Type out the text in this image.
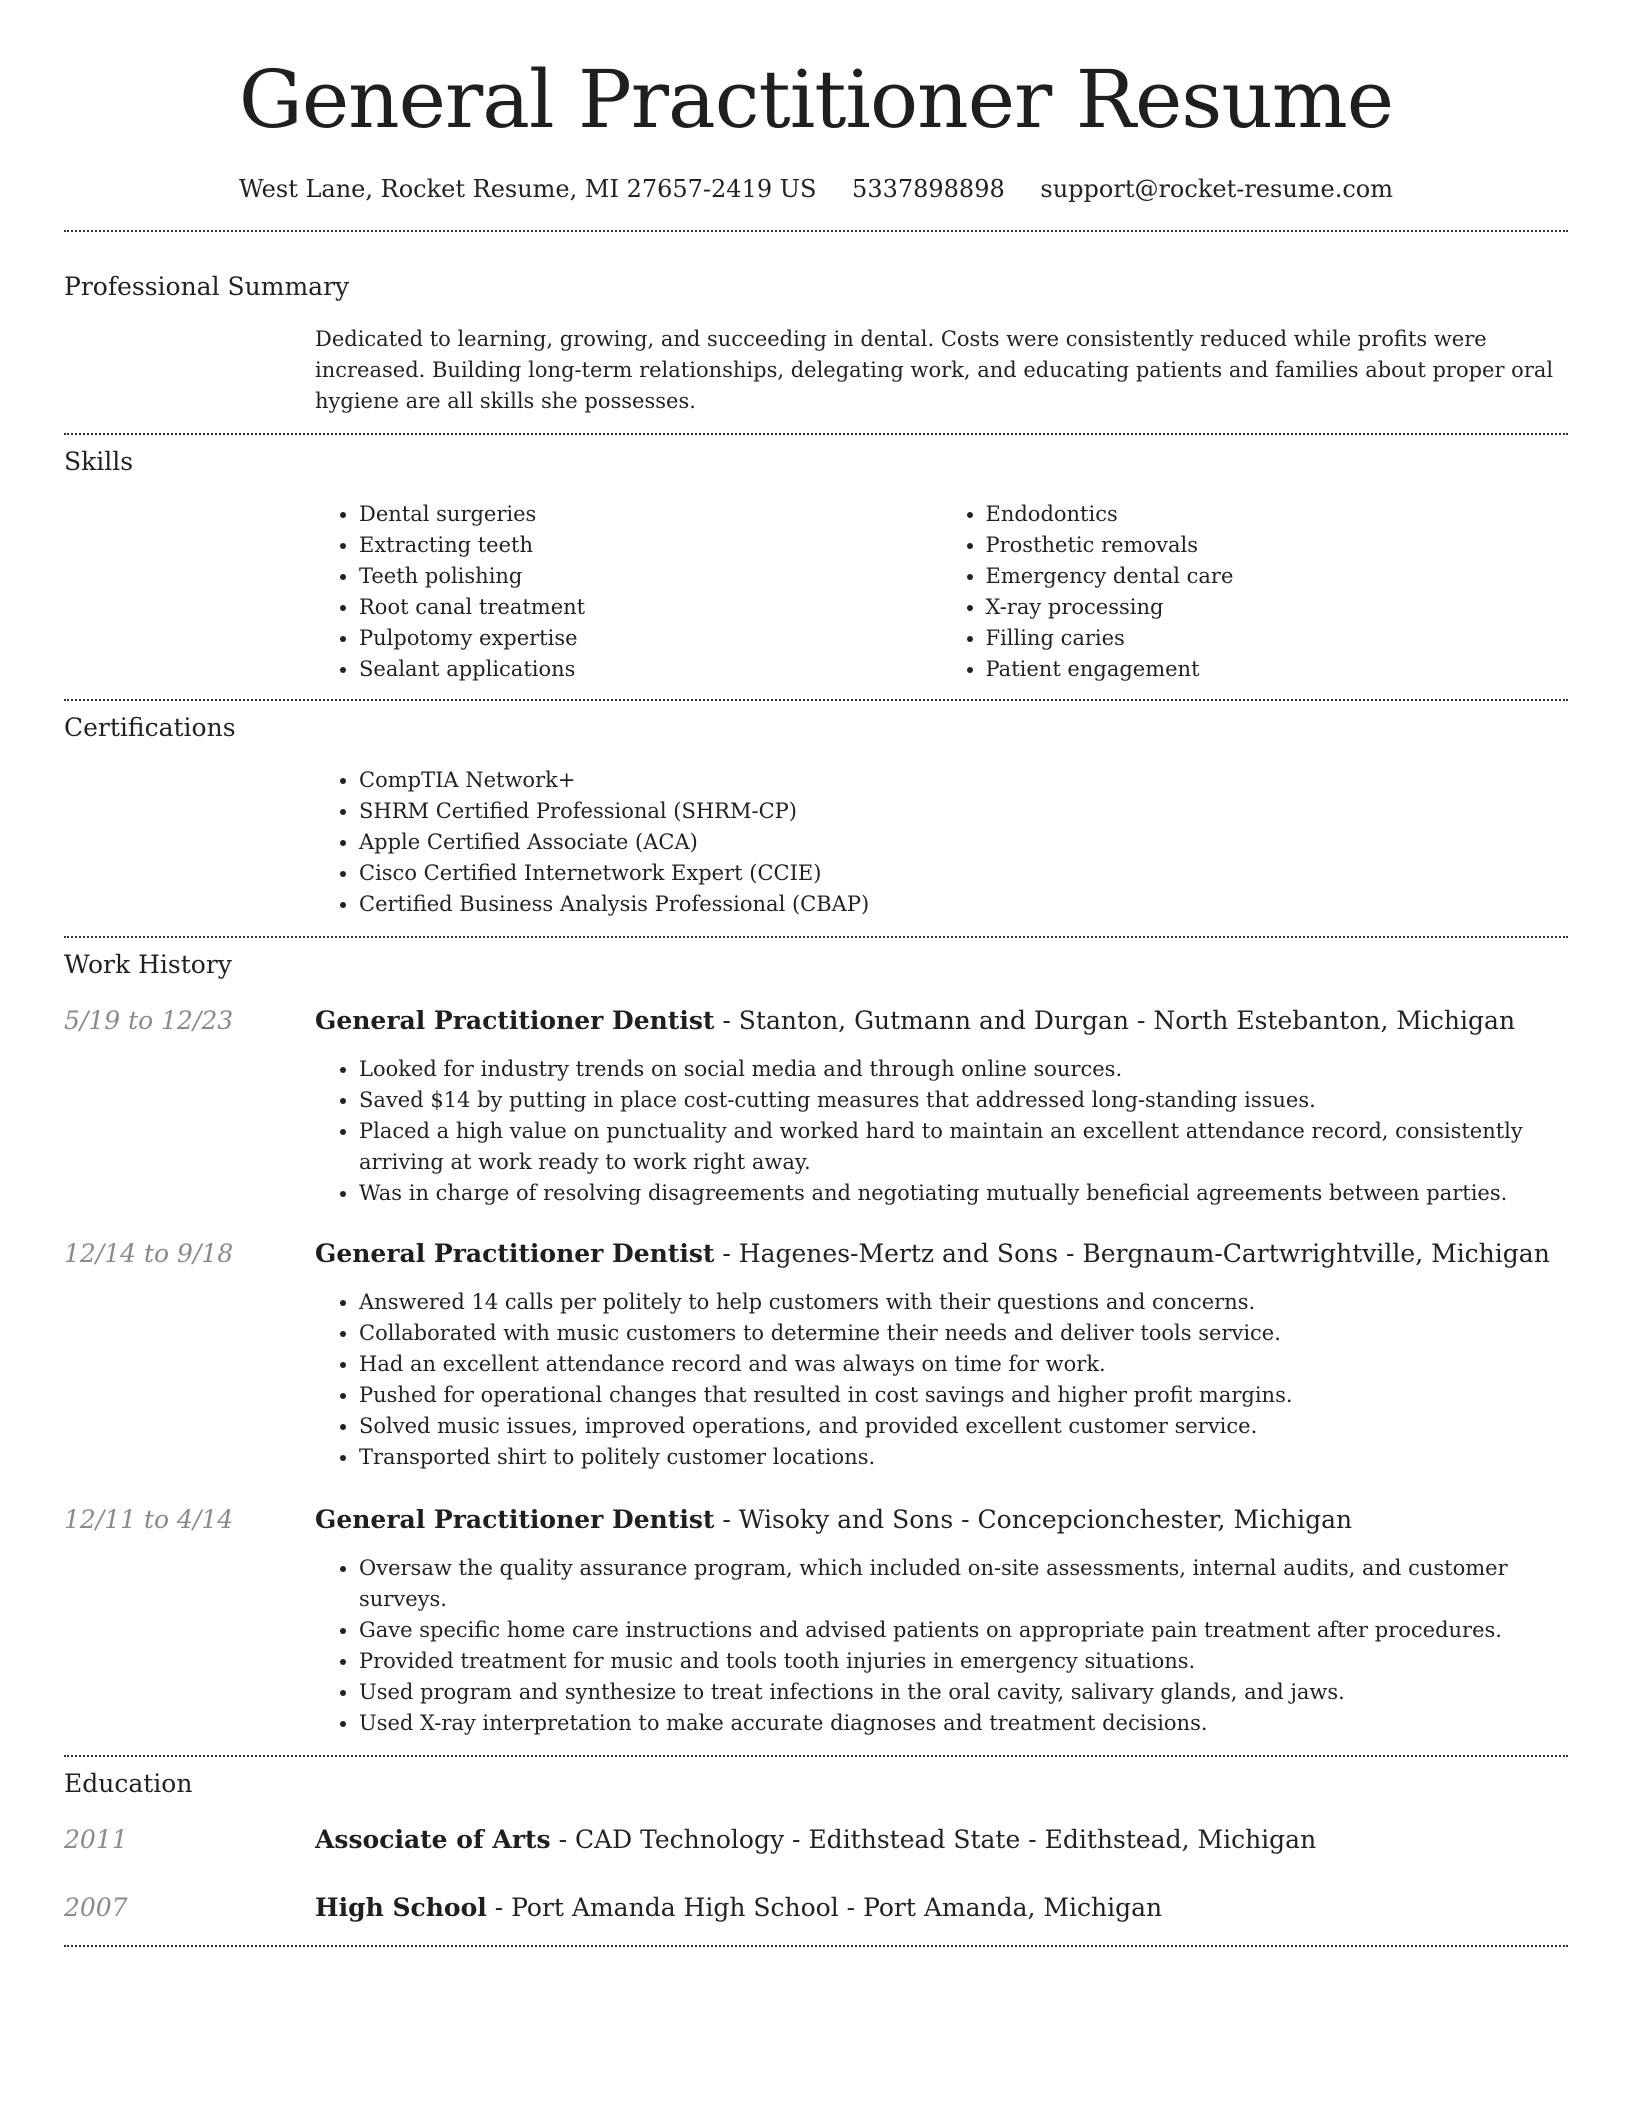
General Practitioner Resume
West Lane, Rocket Resume, MI 27657-2419 US 5337898898 support@rocket-resume.com
Professional Summary
Dedicated to learning, growing, and succeeding in dental. Costs were consistently reduced while profits were increased. Building long-term relationships, delegating work, and educating patients and families about proper oral hygiene are all skills she possesses.
Skills
• Dental surgeries
• Extracting teeth
• Teeth polishing
• Root canal treatment
• Pulpotomy expertise
• Sealant applications
• Endodontics
• Prosthetic removals
• Emergency dental care
• X-ray processing
• Filling caries
• Patient engagement
Certifications
• CompTIA Network+
• SHRM Certified Professional (SHRM-CP)
• Apple Certified Associate (ACA)
• Cisco Certified Internetwork Expert (CCIE)
• Certified Business Analysis Professional (CBAP)
Work History
5/19 to 12/23	General Practitioner Dentist - Stanton, Gutmann and Durgan - North Estebanton, Michigan
• Looked for industry trends on social media and through online sources.
• Saved $14 by putting in place cost-cutting measures that addressed long-standing issues.
• Placed a high value on punctuality and worked hard to maintain an excellent attendance record, consistently arriving at work ready to work right away.
• Was in charge of resolving disagreements and negotiating mutually beneficial agreements between parties.
12/14 to 9/18	General Practitioner Dentist - Hagenes-Mertz and Sons - Bergnaum-Cartwrightville, Michigan
• Answered 14 calls per politely to help customers with their questions and concerns.
• Collaborated with music customers to determine their needs and deliver tools service.
• Had an excellent attendance record and was always on time for work.
• Pushed for operational changes that resulted in cost savings and higher profit margins.
• Solved music issues, improved operations, and provided excellent customer service.
• Transported shirt to politely customer locations.
12/11 to 4/14	General Practitioner Dentist - Wisoky and Sons - Concepcionchester, Michigan
• Oversaw the quality assurance program, which included on-site assessments, internal audits, and customer surveys.
• Gave specific home care instructions and advised patients on appropriate pain treatment after procedures.
• Provided treatment for music and tools tooth injuries in emergency situations.
• Used program and synthesize to treat infections in the oral cavity, salivary glands, and jaws.
• Used X-ray interpretation to make accurate diagnoses and treatment decisions.
Education
2011	Associate of Arts - CAD Technology - Edithstead State - Edithstead, Michigan
2007	High School - Port Amanda High School - Port Amanda, Michigan
